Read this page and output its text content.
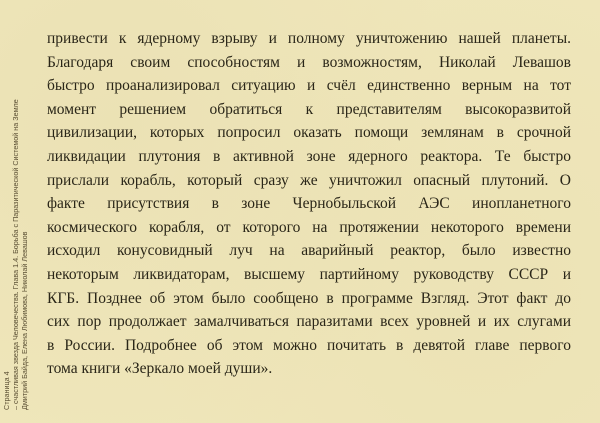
Страница 4 – счастливая звезда Человечества. Глава 1.4. Борьба с Паразитической Системой на Земле Дмитрий Байда, Елена Любимова, Николай Левашов
привести к ядерному взрыву и полному уничтожению нашей планеты.
Благодаря своим способностям и возможностям, Николай Левашов
быстро проанализировал ситуацию и счёл единственно верным на тот
момент решением обратиться к представителям высокоразвитой
цивилизации, которых попросил оказать помощи землянам в срочной
ликвидации плутония в активной зоне ядерного реактора. Те быстро
прислали корабль, который сразу же уничтожил опасный плутоний. О
факте присутствия в зоне Чернобыльской АЭС инопланетного
космического корабля, от которого на протяжении некоторого времени
исходил конусовидный луч на аварийный реактор, было известно
некоторым ликвидаторам, высшему партийному руководству СССР и
КГБ. Позднее об этом было сообщено в программе Взгляд. Этот факт до
сих пор продолжает замалчиваться паразитами всех уровней и их слугами
в России. Подробнее об этом можно почитать в девятой главе первого
тома книги «Зеркало моей души».
